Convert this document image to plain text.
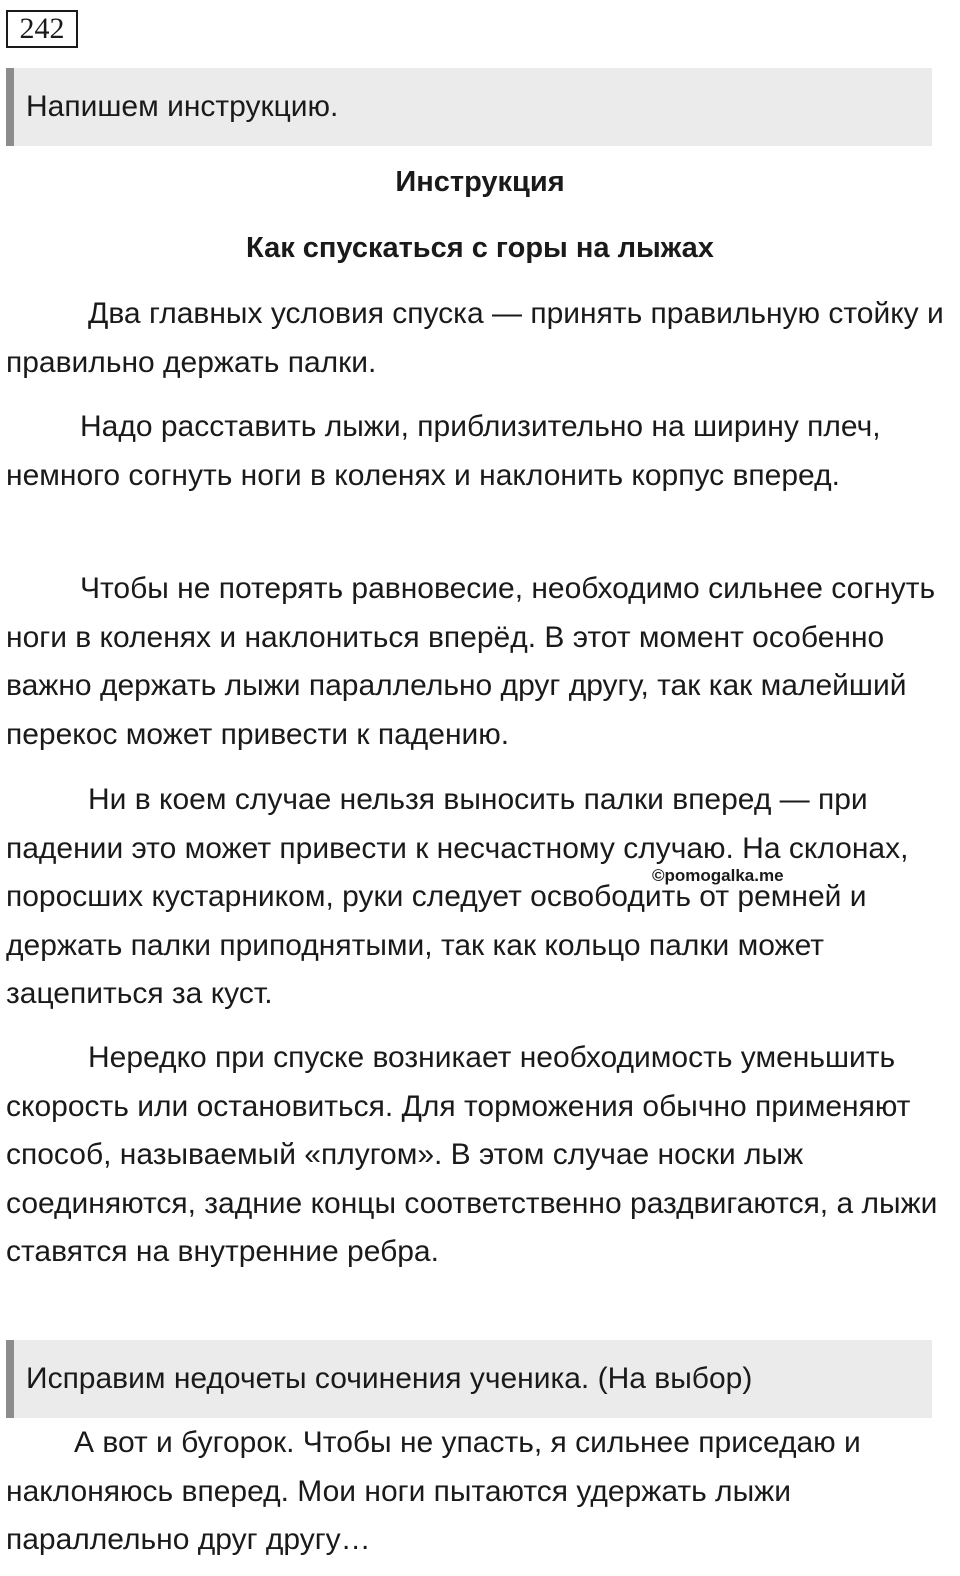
242
Напишем инструкцию.
Инструкция
Как спускаться с горы на лыжах

Два главных условия спуска — принять правильную стойку и правильно держать палки.

Надо расставить лыжи, приблизительно на ширину плеч, немного согнуть ноги в коленях и наклонить корпус вперед.

Чтобы не потерять равновесие, необходимо сильнее согнуть ноги в коленях и наклониться вперёд. В этот момент особенно важно держать лыжи параллельно друг другу, так как малейший перекос может привести к падению.

Ни в коем случае нельзя выносить палки вперед — при падении это может привести к несчастному случаю. На склонах, поросших кустарником, руки следует освободить от ремней и держать палки приподнятыми, так как кольцо палки может зацепиться за куст.

Нередко при спуске возникает необходимость уменьшить скорость или остановиться. Для торможения обычно применяют способ, называемый «плугом». В этом случае носки лыж соединяются, задние концы соответственно раздвигаются, а лыжи ставятся на внутренние ребра.

©pomogalka.me
Исправим недочеты сочинения ученика. (На выбор)

А вот и бугорок. Чтобы не упасть, я сильнее приседаю и наклоняюсь вперед. Мои ноги пытаются удержать лыжи параллельно друг другу…
